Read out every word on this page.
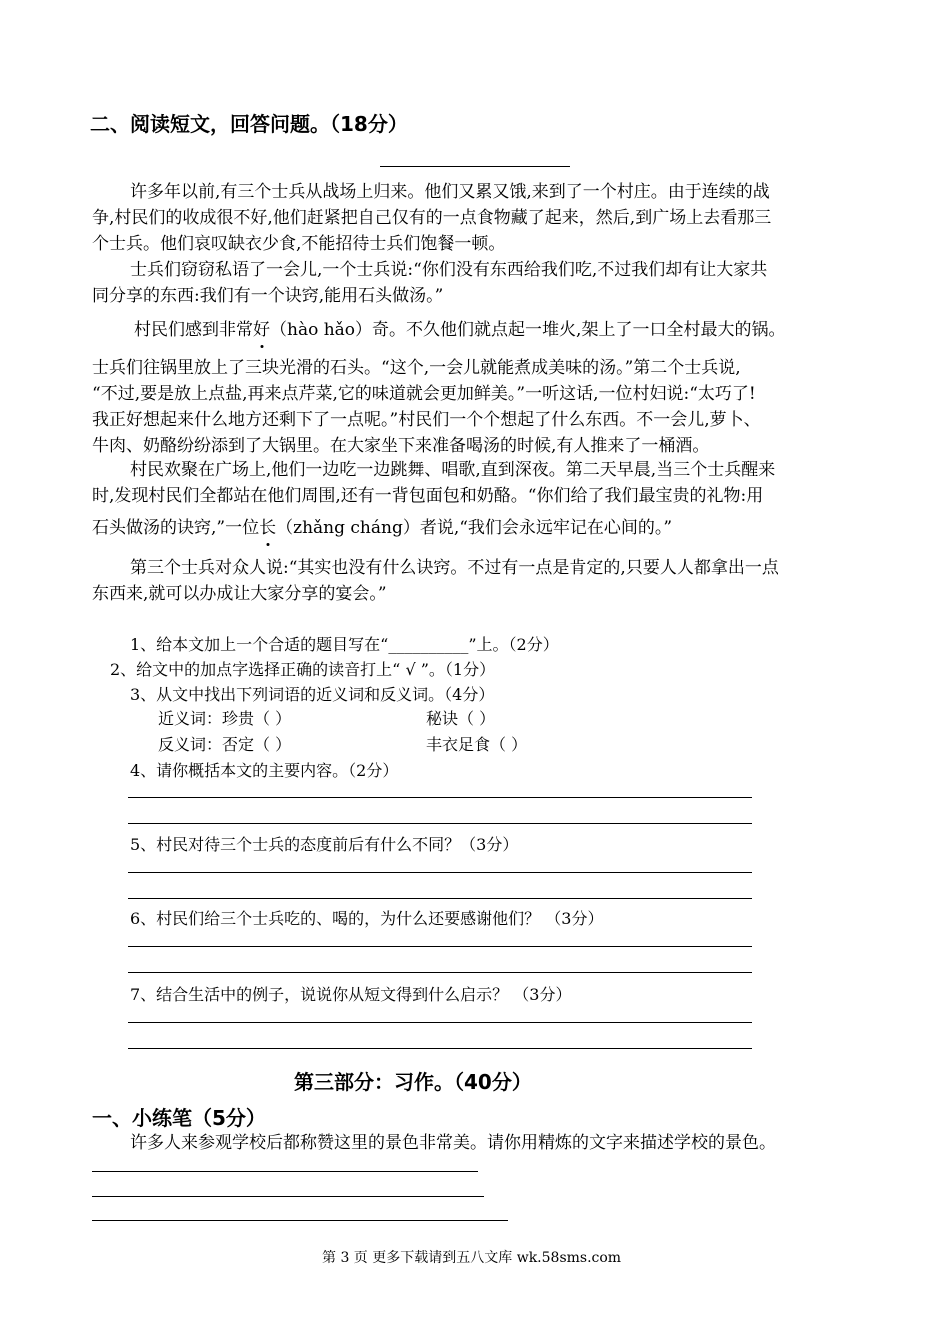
二、阅读短文，回答问题。（18分）
许多年以前,有三个士兵从战场上归来。他们又累又饿,来到了一个村庄。由于连续的战
争,村民们的收成很不好,他们赶紧把自己仅有的一点食物藏了起来，然后,到广场上去看那三
个士兵。他们哀叹缺衣少食,不能招待士兵们饱餐一顿。
士兵们窃窃私语了一会儿,一个士兵说:“你们没有东西给我们吃,不过我们却有让大家共
同分享的东西:我们有一个诀窍,能用石头做汤。”
村民们感到非常好（hào hǎo）奇。不久他们就点起一堆火,架上了一口全村最大的锅。
士兵们往锅里放上了三块光滑的石头。“这个,一会儿就能煮成美味的汤。”第二个士兵说,
“不过,要是放上点盐,再来点芹菜,它的味道就会更加鲜美。”一听这话,一位村妇说:“太巧了!
我正好想起来什么地方还剩下了一点呢。”村民们一个个想起了什么东西。不一会儿,萝卜、
牛肉、奶酪纷纷添到了大锅里。在大家坐下来准备喝汤的时候,有人推来了一桶酒。
村民欢聚在广场上,他们一边吃一边跳舞、唱歌,直到深夜。第二天早晨,当三个士兵醒来
时,发现村民们全都站在他们周围,还有一背包面包和奶酪。“你们给了我们最宝贵的礼物:用
石头做汤的诀窍,”一位长（zhǎng cháng）者说,“我们会永远牢记在心间的。”
第三个士兵对众人说:“其实也没有什么诀窍。不过有一点是肯定的,只要人人都拿出一点
东西来,就可以办成让大家分享的宴会。”
1、给本文加上一个合适的题目写在“__________”上。（2分）
2、给文中的加点字选择正确的读音打上“ √ ”。（1分）
3、从文中找出下列词语的近义词和反义词。（4分）
近义词：珍贵（ ）	秘诀（ ）
反义词：否定（ ）	丰衣足食（ ）
4、请你概括本文的主要内容。（2分）
5、村民对待三个士兵的态度前后有什么不同？（3分）
6、村民们给三个士兵吃的、喝的，为什么还要感谢他们？ （3分）
7、结合生活中的例子，说说你从短文得到什么启示？ （3分）
第三部分：习作。（40分）
一、小练笔（5分）
许多人来参观学校后都称赞这里的景色非常美。请你用精炼的文字来描述学校的景色。
第 3 页 更多下载请到五八文库 wk.58sms.com
